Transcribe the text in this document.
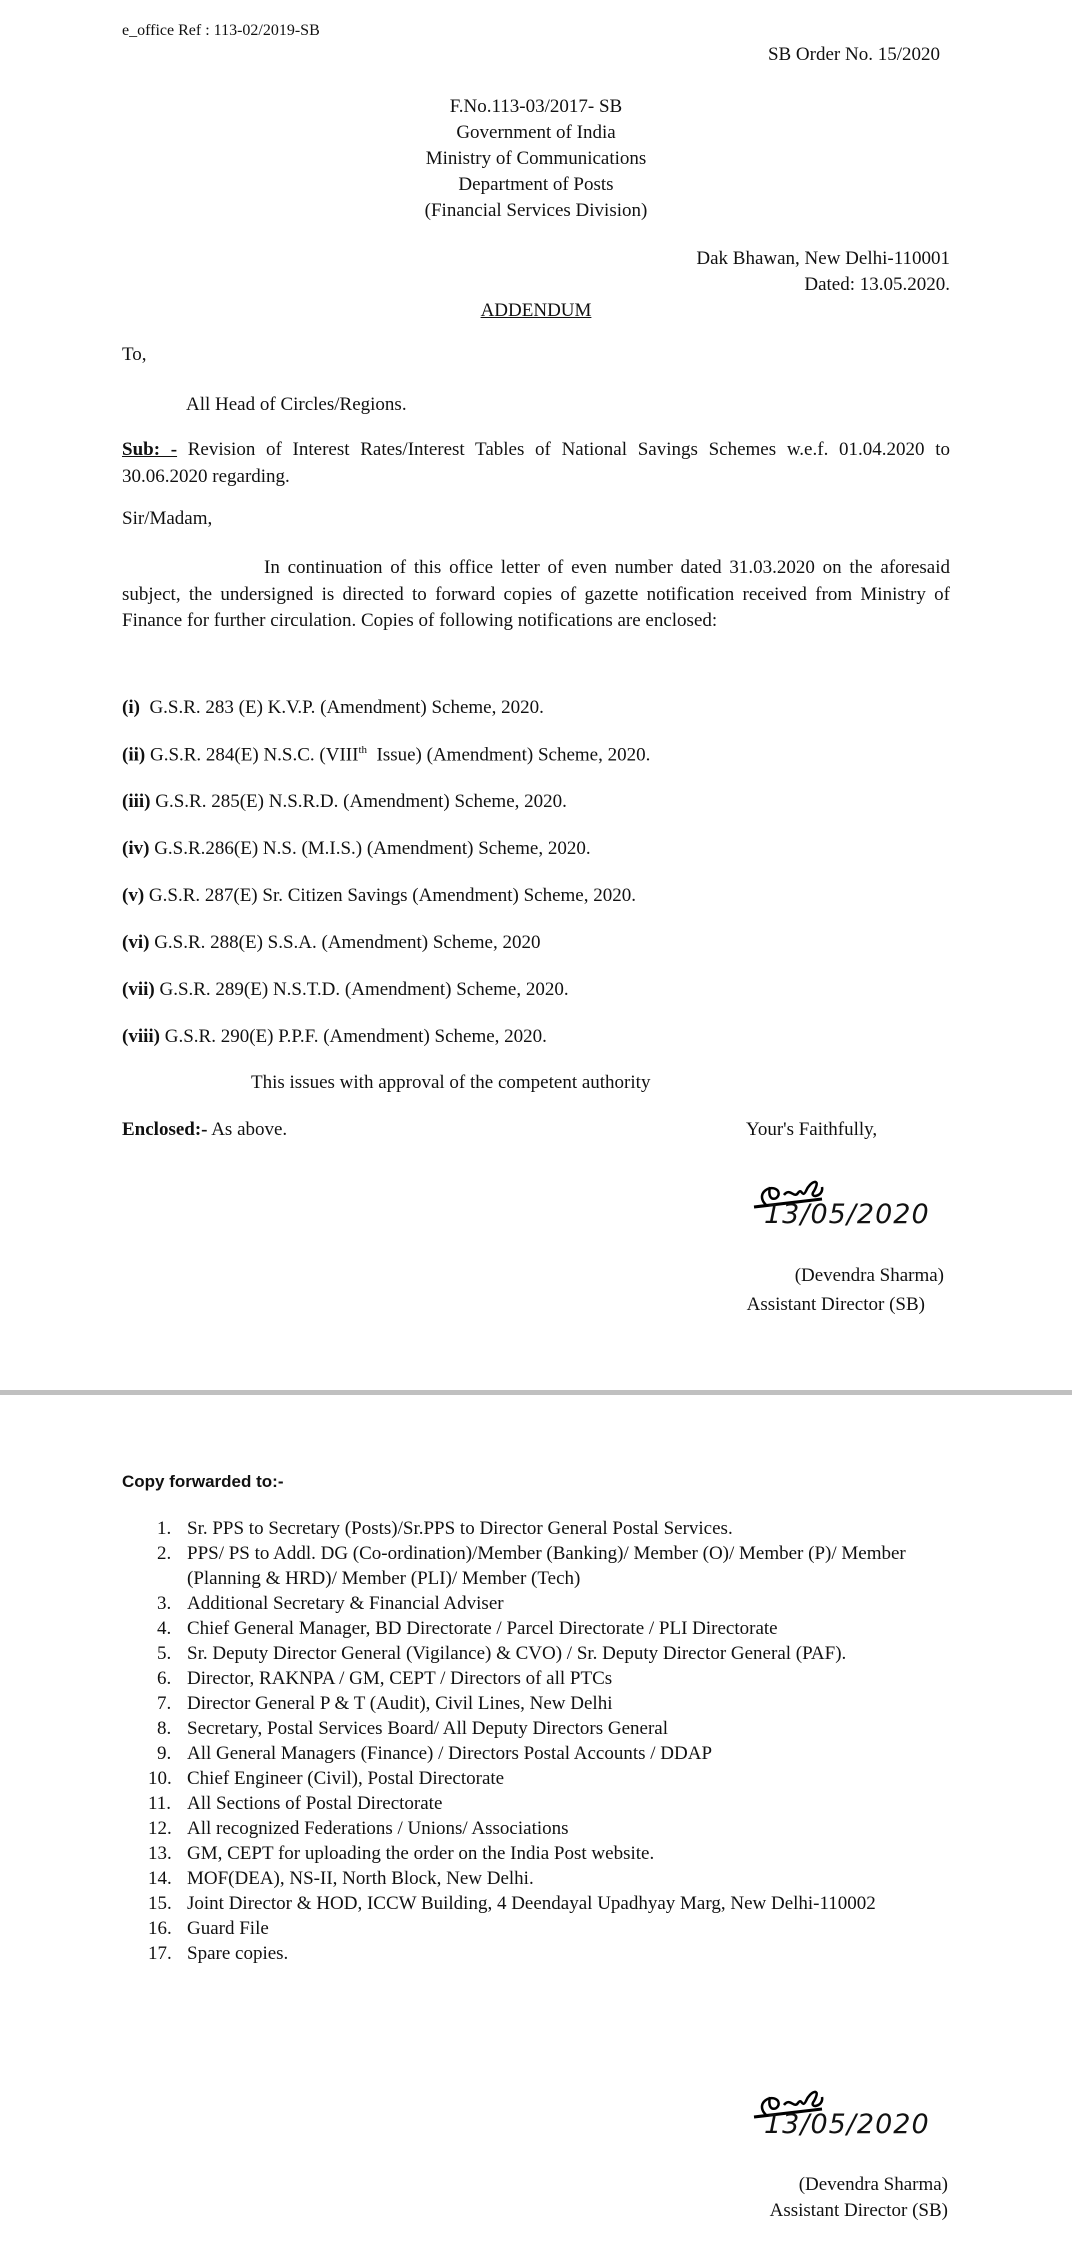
e_office Ref : 113-02/2019-SB
SB Order No. 15/2020
F.No.113-03/2017- SB
Government of India
Ministry of Communications
Department of Posts
(Financial Services Division)
Dak Bhawan, New Delhi-110001
Dated: 13.05.2020.
ADDENDUM
To,
All Head of Circles/Regions.
Sub: - Revision of Interest Rates/Interest Tables of National Savings Schemes w.e.f. 01.04.2020 to 30.06.2020 regarding.
Sir/Madam,
In continuation of this office letter of even number dated 31.03.2020 on the aforesaid subject, the undersigned is directed to forward copies of gazette notification received from Ministry of Finance for further circulation. Copies of following notifications are enclosed:
(i)  G.S.R. 283 (E) K.V.P. (Amendment) Scheme, 2020.
(ii) G.S.R. 284(E) N.S.C. (VIIIth  Issue) (Amendment) Scheme, 2020.
(iii) G.S.R. 285(E) N.S.R.D. (Amendment) Scheme, 2020.
(iv) G.S.R.286(E) N.S. (M.I.S.) (Amendment) Scheme, 2020.
(v) G.S.R. 287(E) Sr. Citizen Savings (Amendment) Scheme, 2020.
(vi) G.S.R. 288(E) S.S.A. (Amendment) Scheme, 2020
(vii) G.S.R. 289(E) N.S.T.D. (Amendment) Scheme, 2020.
(viii) G.S.R. 290(E) P.P.F. (Amendment) Scheme, 2020.
This issues with approval of the competent authority
Enclosed:- As above.	Your's Faithfully,
13/05/2020
(Devendra Sharma)
Assistant Director (SB)
Copy forwarded to:-
1. Sr. PPS to Secretary (Posts)/Sr.PPS to Director General Postal Services.
2. PPS/ PS to Addl. DG (Co-ordination)/Member (Banking)/ Member (O)/ Member (P)/ Member (Planning & HRD)/ Member (PLI)/ Member (Tech)
3. Additional Secretary & Financial Adviser
4. Chief General Manager, BD Directorate / Parcel Directorate / PLI Directorate
5. Sr. Deputy Director General (Vigilance) & CVO) / Sr. Deputy Director General (PAF).
6. Director, RAKNPA / GM, CEPT / Directors of all PTCs
7. Director General P & T (Audit), Civil Lines, New Delhi
8. Secretary, Postal Services Board/ All Deputy Directors General
9. All General Managers (Finance) / Directors Postal Accounts / DDAP
10. Chief Engineer (Civil), Postal Directorate
11. All Sections of Postal Directorate
12. All recognized Federations / Unions/ Associations
13. GM, CEPT for uploading the order on the India Post website.
14. MOF(DEA), NS-II, North Block, New Delhi.
15. Joint Director & HOD, ICCW Building, 4 Deendayal Upadhyay Marg, New Delhi-110002
16. Guard File
17. Spare copies.
13/05/2020
(Devendra Sharma)
Assistant Director (SB)
